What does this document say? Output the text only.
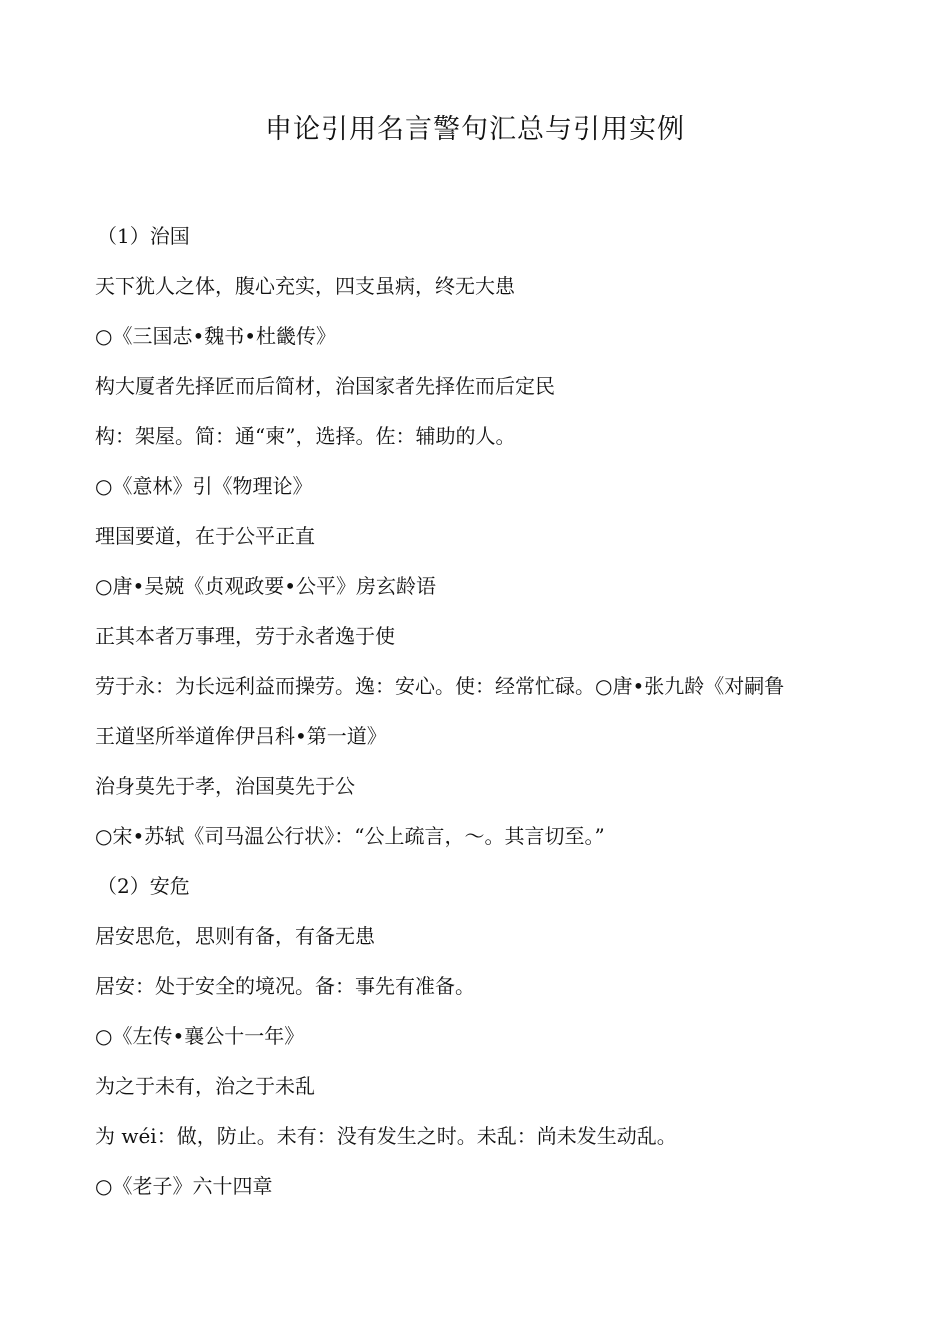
申论引用名言警句汇总与引用实例
（1）治国
天下犹人之体，腹心充实，四支虽病，终无大患
○《三国志•魏书•杜畿传》
构大厦者先择匠而后简材，治国家者先择佐而后定民
构：架屋。简：通“柬”，选择。佐：辅助的人。
○《意林》引《物理论》
理国要道，在于公平正直
○唐•吴兢《贞观政要•公平》房玄龄语
正其本者万事理，劳于永者逸于使
劳于永：为长远利益而操劳。逸：安心。使：经常忙碌。○唐•张九龄《对嗣鲁
王道坚所举道侔伊吕科•第一道》
治身莫先于孝，治国莫先于公
○宋•苏轼《司马温公行状》：“公上疏言，～。其言切至。”
（2）安危
居安思危，思则有备，有备无患
居安：处于安全的境况。备：事先有准备。
○《左传•襄公十一年》
为之于未有，治之于未乱
为 wéi：做，防止。未有：没有发生之时。未乱：尚未发生动乱。
○《老子》六十四章
